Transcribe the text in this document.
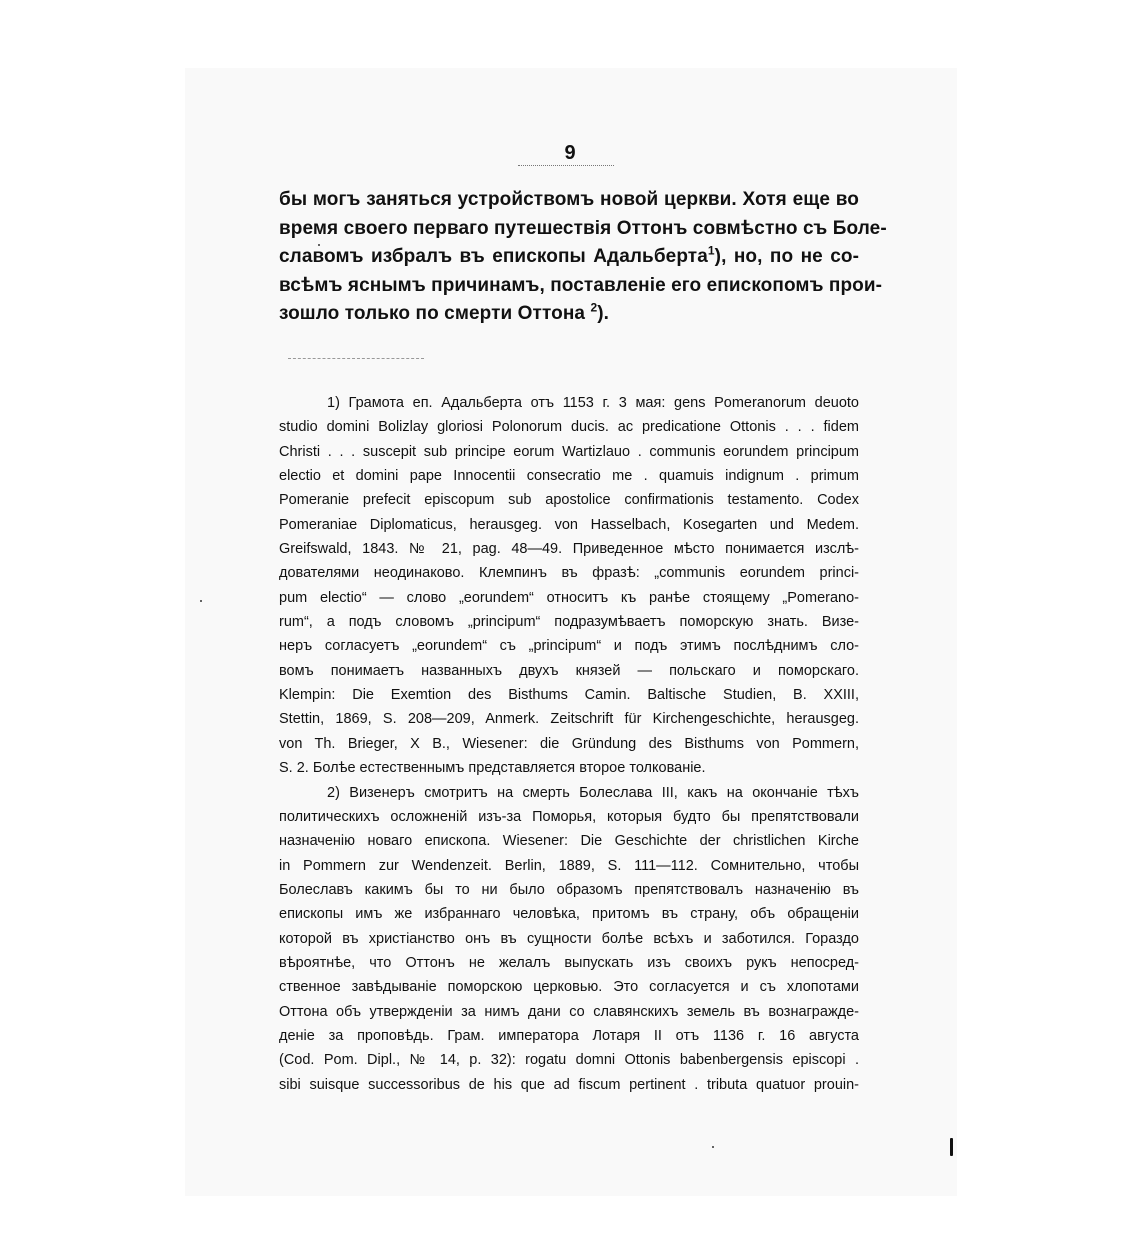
9
бы могъ заняться устройствомъ новой церкви. Хотя еще во
время своего перваго путешествія Оттонъ совмѣстно съ Боле-
славомъ избралъ въ епископы Адальберта$^1$), но, по не со-
всѣмъ яснымъ причинамъ, поставленіе его епископомъ прои-
зошло только по смерти Оттона $^2$).
1) Грамота еп. Адальберта отъ 1153 г. 3 мая: gens Pomeranorum deuoto
studio domini Bolizlay gloriosi Polonorum ducis. ac predicatione Ottonis . . . fidem
Christi . . . suscepit sub principe eorum Wartizlauo . communis eorundem principum
electio et domini pape Innocentii consecratio me . quamuis indignum . primum
Pomeranie prefecit episcopum sub apostolice confirmationis testamento. Codex
Pomeraniae Diplomaticus, herausgeg. von Hasselbach, Kosegarten und Medem.
Greifswald, 1843. № 21, pag. 48—49. Приведенное мѣсто понимается изслѣ-
дователями неодинаково. Клемпинъ въ фразѣ: „communis eorundem princi-
pum electio“ — слово „eorundem“ относитъ къ ранѣе стоящему „Pomerano-
rum“, а подъ словомъ „principum“ подразумѣваетъ поморскую знать. Визе-
неръ согласуетъ „eorundem“ съ „principum“ и подъ этимъ послѣднимъ сло-
вомъ понимаетъ названныхъ двухъ князей — польскаго и поморскаго.
Klempin: Die Exemtion des Bisthums Camin. Baltische Studien, B. XXIII,
Stettin, 1869, S. 208—209, Anmerk. Zeitschrift für Kirchengeschichte, herausgeg.
von Th. Brieger, X B., Wiesener: die Gründung des Bisthums von Pommern,
S. 2. Болѣе естественнымъ представляется второе толкованіе.
2) Визенеръ смотритъ на смерть Болеслава III, какъ на окончаніе тѣхъ
политическихъ осложненій изъ-за Поморья, которыя будто бы препятствовали
назначенію новаго епископа. Wiesener: Die Geschichte der christlichen Kirche
in Pommern zur Wendenzeit. Berlin, 1889, S. 111—112. Сомнительно, чтобы
Болеславъ какимъ бы то ни было образомъ препятствовалъ назначенію въ
епископы имъ же избраннаго человѣка, притомъ въ страну, объ обращеніи
которой въ христіанство онъ въ сущности болѣе всѣхъ и заботился. Гораздо
вѣроятнѣе, что Оттонъ не желалъ выпускать изъ своихъ рукъ непосред-
ственное завѣдываніе поморскою церковью. Это согласуется и съ хлопотами
Оттона объ утвержденіи за нимъ дани со славянскихъ земель въ вознагражде-
деніе за проповѣдь. Грам. императора Лотаря II отъ 1136 г. 16 августа
(Cod. Pom. Dipl., № 14, p. 32): rogatu domni Ottonis babenbergensis episcopi .
sibi suisque successoribus de his que ad fiscum pertinent . tributa quatuor prouin-
